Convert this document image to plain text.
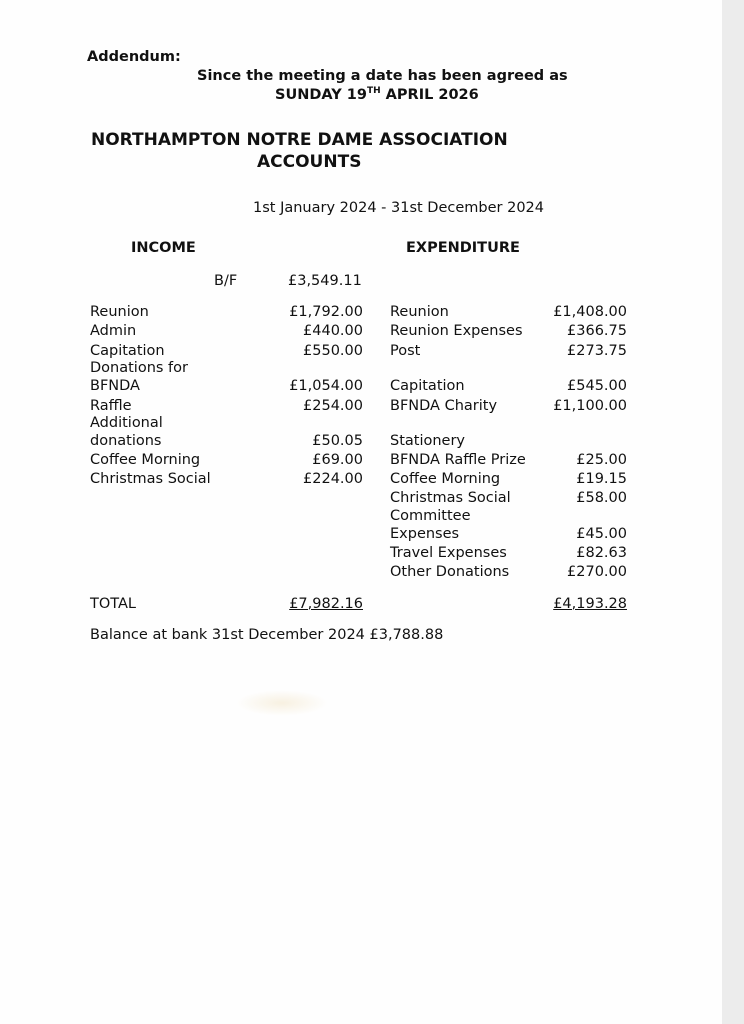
Addendum:
Since the meeting a date has been agreed as
SUNDAY 19TH APRIL 2026
NORTHAMPTON NOTRE DAME ASSOCIATION
ACCOUNTS
1st January 2024 - 31st December 2024
INCOME	EXPENDITURE
B/F	£3,549.11
Reunion	£1,792.00
Admin	£440.00
Capitation	£550.00
Donations for
BFNDA	£1,054.00
Raffle	£254.00
Additional
donations	£50.05
Coffee Morning	£69.00
Christmas Social	£224.00
Reunion	£1,408.00
Reunion Expenses	£366.75
Post	£273.75
Capitation	£545.00
BFNDA Charity	£1,100.00
Stationery
BFNDA Raffle Prize	£25.00
Coffee Morning	£19.15
Christmas Social	£58.00
Committee
Expenses	£45.00
Travel Expenses	£82.63
Other Donations	£270.00
TOTAL	£7,982.16	£4,193.28
Balance at bank 31st December 2024 £3,788.88
